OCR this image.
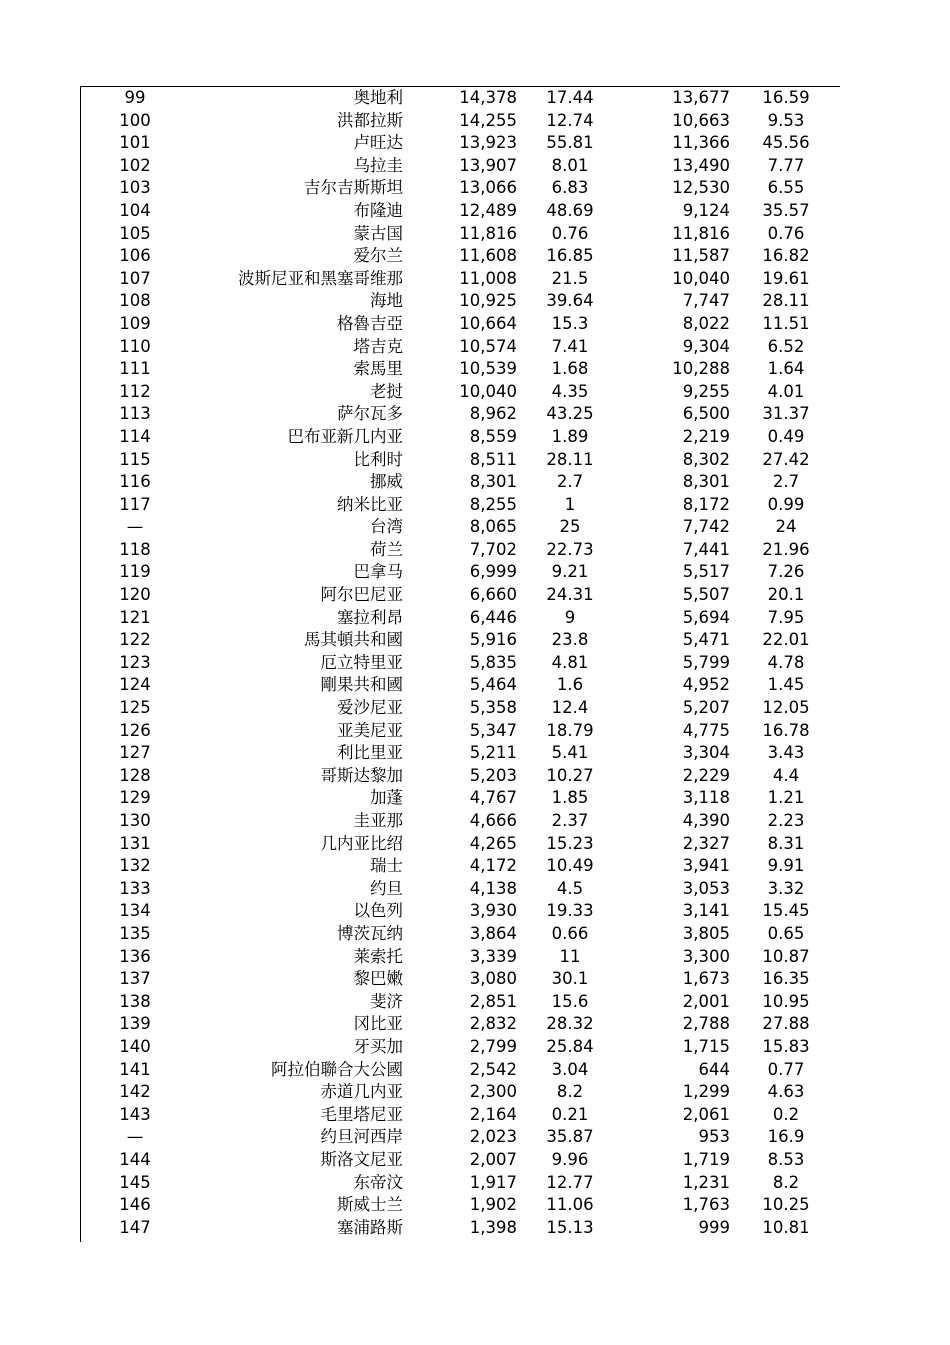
99	奥地利	14,378	17.44	13,677	16.59
100	洪都拉斯	14,255	12.74	10,663	9.53
101	卢旺达	13,923	55.81	11,366	45.56
102	乌拉圭	13,907	8.01	13,490	7.77
103	吉尔吉斯斯坦	13,066	6.83	12,530	6.55
104	布隆迪	12,489	48.69	9,124	35.57
105	蒙古国	11,816	0.76	11,816	0.76
106	爱尔兰	11,608	16.85	11,587	16.82
107	波斯尼亚和黑塞哥维那	11,008	21.5	10,040	19.61
108	海地	10,925	39.64	7,747	28.11
109	格魯吉亞	10,664	15.3	8,022	11.51
110	塔吉克	10,574	7.41	9,304	6.52
111	索馬里	10,539	1.68	10,288	1.64
112	老挝	10,040	4.35	9,255	4.01
113	萨尔瓦多	8,962	43.25	6,500	31.37
114	巴布亚新几内亚	8,559	1.89	2,219	0.49
115	比利时	8,511	28.11	8,302	27.42
116	挪威	8,301	2.7	8,301	2.7
117	纳米比亚	8,255	1	8,172	0.99
—	台湾	8,065	25	7,742	24
118	荷兰	7,702	22.73	7,441	21.96
119	巴拿马	6,999	9.21	5,517	7.26
120	阿尔巴尼亚	6,660	24.31	5,507	20.1
121	塞拉利昂	6,446	9	5,694	7.95
122	馬其頓共和國	5,916	23.8	5,471	22.01
123	厄立特里亚	5,835	4.81	5,799	4.78
124	剛果共和國	5,464	1.6	4,952	1.45
125	爱沙尼亚	5,358	12.4	5,207	12.05
126	亚美尼亚	5,347	18.79	4,775	16.78
127	利比里亚	5,211	5.41	3,304	3.43
128	哥斯达黎加	5,203	10.27	2,229	4.4
129	加蓬	4,767	1.85	3,118	1.21
130	圭亚那	4,666	2.37	4,390	2.23
131	几内亚比绍	4,265	15.23	2,327	8.31
132	瑞士	4,172	10.49	3,941	9.91
133	约旦	4,138	4.5	3,053	3.32
134	以色列	3,930	19.33	3,141	15.45
135	博茨瓦纳	3,864	0.66	3,805	0.65
136	莱索托	3,339	11	3,300	10.87
137	黎巴嫩	3,080	30.1	1,673	16.35
138	斐济	2,851	15.6	2,001	10.95
139	冈比亚	2,832	28.32	2,788	27.88
140	牙买加	2,799	25.84	1,715	15.83
141	阿拉伯聯合大公國	2,542	3.04	644	0.77
142	赤道几内亚	2,300	8.2	1,299	4.63
143	毛里塔尼亚	2,164	0.21	2,061	0.2
—	约旦河西岸	2,023	35.87	953	16.9
144	斯洛文尼亚	2,007	9.96	1,719	8.53
145	东帝汶	1,917	12.77	1,231	8.2
146	斯威士兰	1,902	11.06	1,763	10.25
147	塞浦路斯	1,398	15.13	999	10.81
